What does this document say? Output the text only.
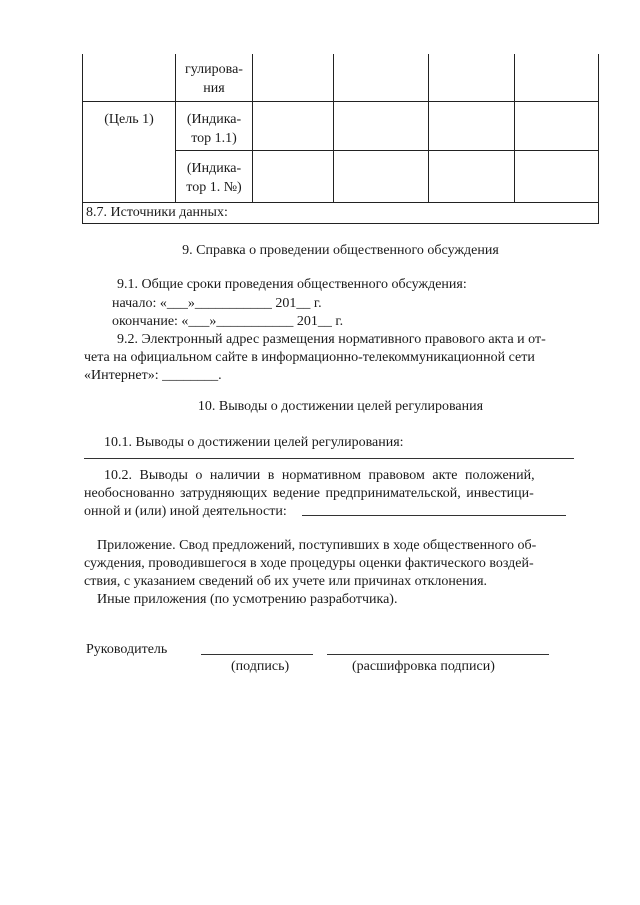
гулирова-
ния
(Цель 1)	(Индика-
тор 1.1)
(Индика-
тор 1. №)
8.7. Источники данных:
9. Справка о проведении общественного обсуждения
9.1. Общие сроки проведения общественного обсуждения:
начало: «___»___________ 201__ г.
окончание: «___»___________ 201__ г.
9.2. Электронный адрес размещения нормативного правового акта и от-
чета на официальном сайте в информационно-телекоммуникационной сети
«Интернет»: ________.
10. Выводы о достижении целей регулирования
10.1. Выводы о достижении целей регулирования:
10.2. Выводы о наличии в нормативном правовом акте положений,
необоснованно затрудняющих ведение предпринимательской, инвестици-
онной и (или) иной деятельности:
Приложение. Свод предложений, поступивших в ходе общественного об-
суждения, проводившегося в ходе процедуры оценки фактического воздей-
ствия, с указанием сведений об их учете или причинах отклонения.
Иные приложения (по усмотрению разработчика).
Руководитель
(подпись)	(расшифровка подписи)
